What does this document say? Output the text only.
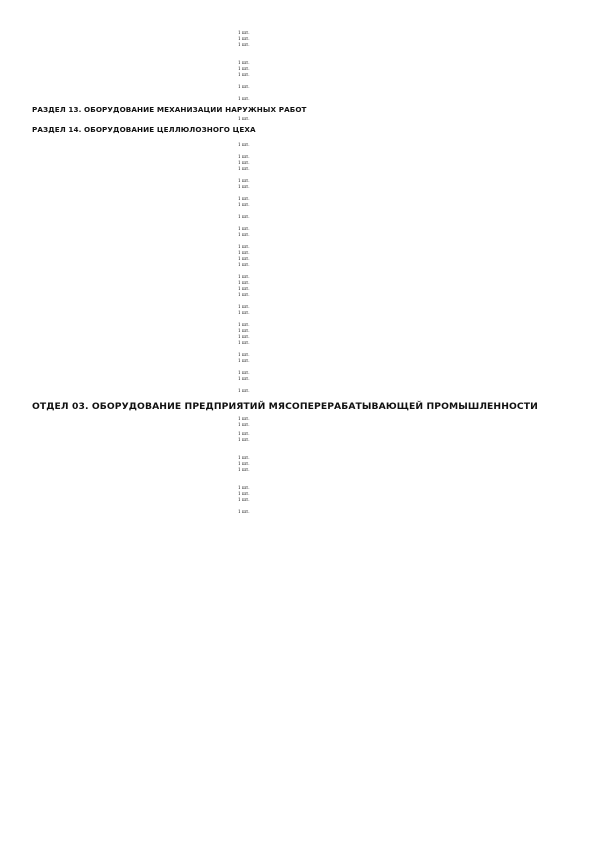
1 шт.
1 шт.
1 шт.
1 шт.
1 шт.
1 шт.
1 шт.
1 шт.
РАЗДЕЛ 13. ОБОРУДОВАНИЕ МЕХАНИЗАЦИИ НАРУЖНЫХ РАБОТ
1 шт.
РАЗДЕЛ 14. ОБОРУДОВАНИЕ ЦЕЛЛЮЛОЗНОГО ЦЕХА
1 шт.
1 шт.
1 шт.
1 шт.
1 шт.
1 шт.
1 шт.
1 шт.
1 шт.
1 шт.
1 шт.
1 шт.
1 шт.
1 шт.
1 шт.
1 шт.
1 шт.
1 шт.
1 шт.
1 шт.
1 шт.
1 шт.
1 шт.
1 шт.
1 шт.
1 шт.
1 шт.
1 шт.
1 шт.
1 шт.
ОТДЕЛ 03. ОБОРУДОВАНИЕ ПРЕДПРИЯТИЙ МЯСОПЕРЕРАБАТЫВАЮЩЕЙ ПРОМЫШЛЕННОСТИ
1 шт.
1 шт.
1 шт.
1 шт.
1 шт.
1 шт.
1 шт.
1 шт.
1 шт.
1 шт.
1 шт.
